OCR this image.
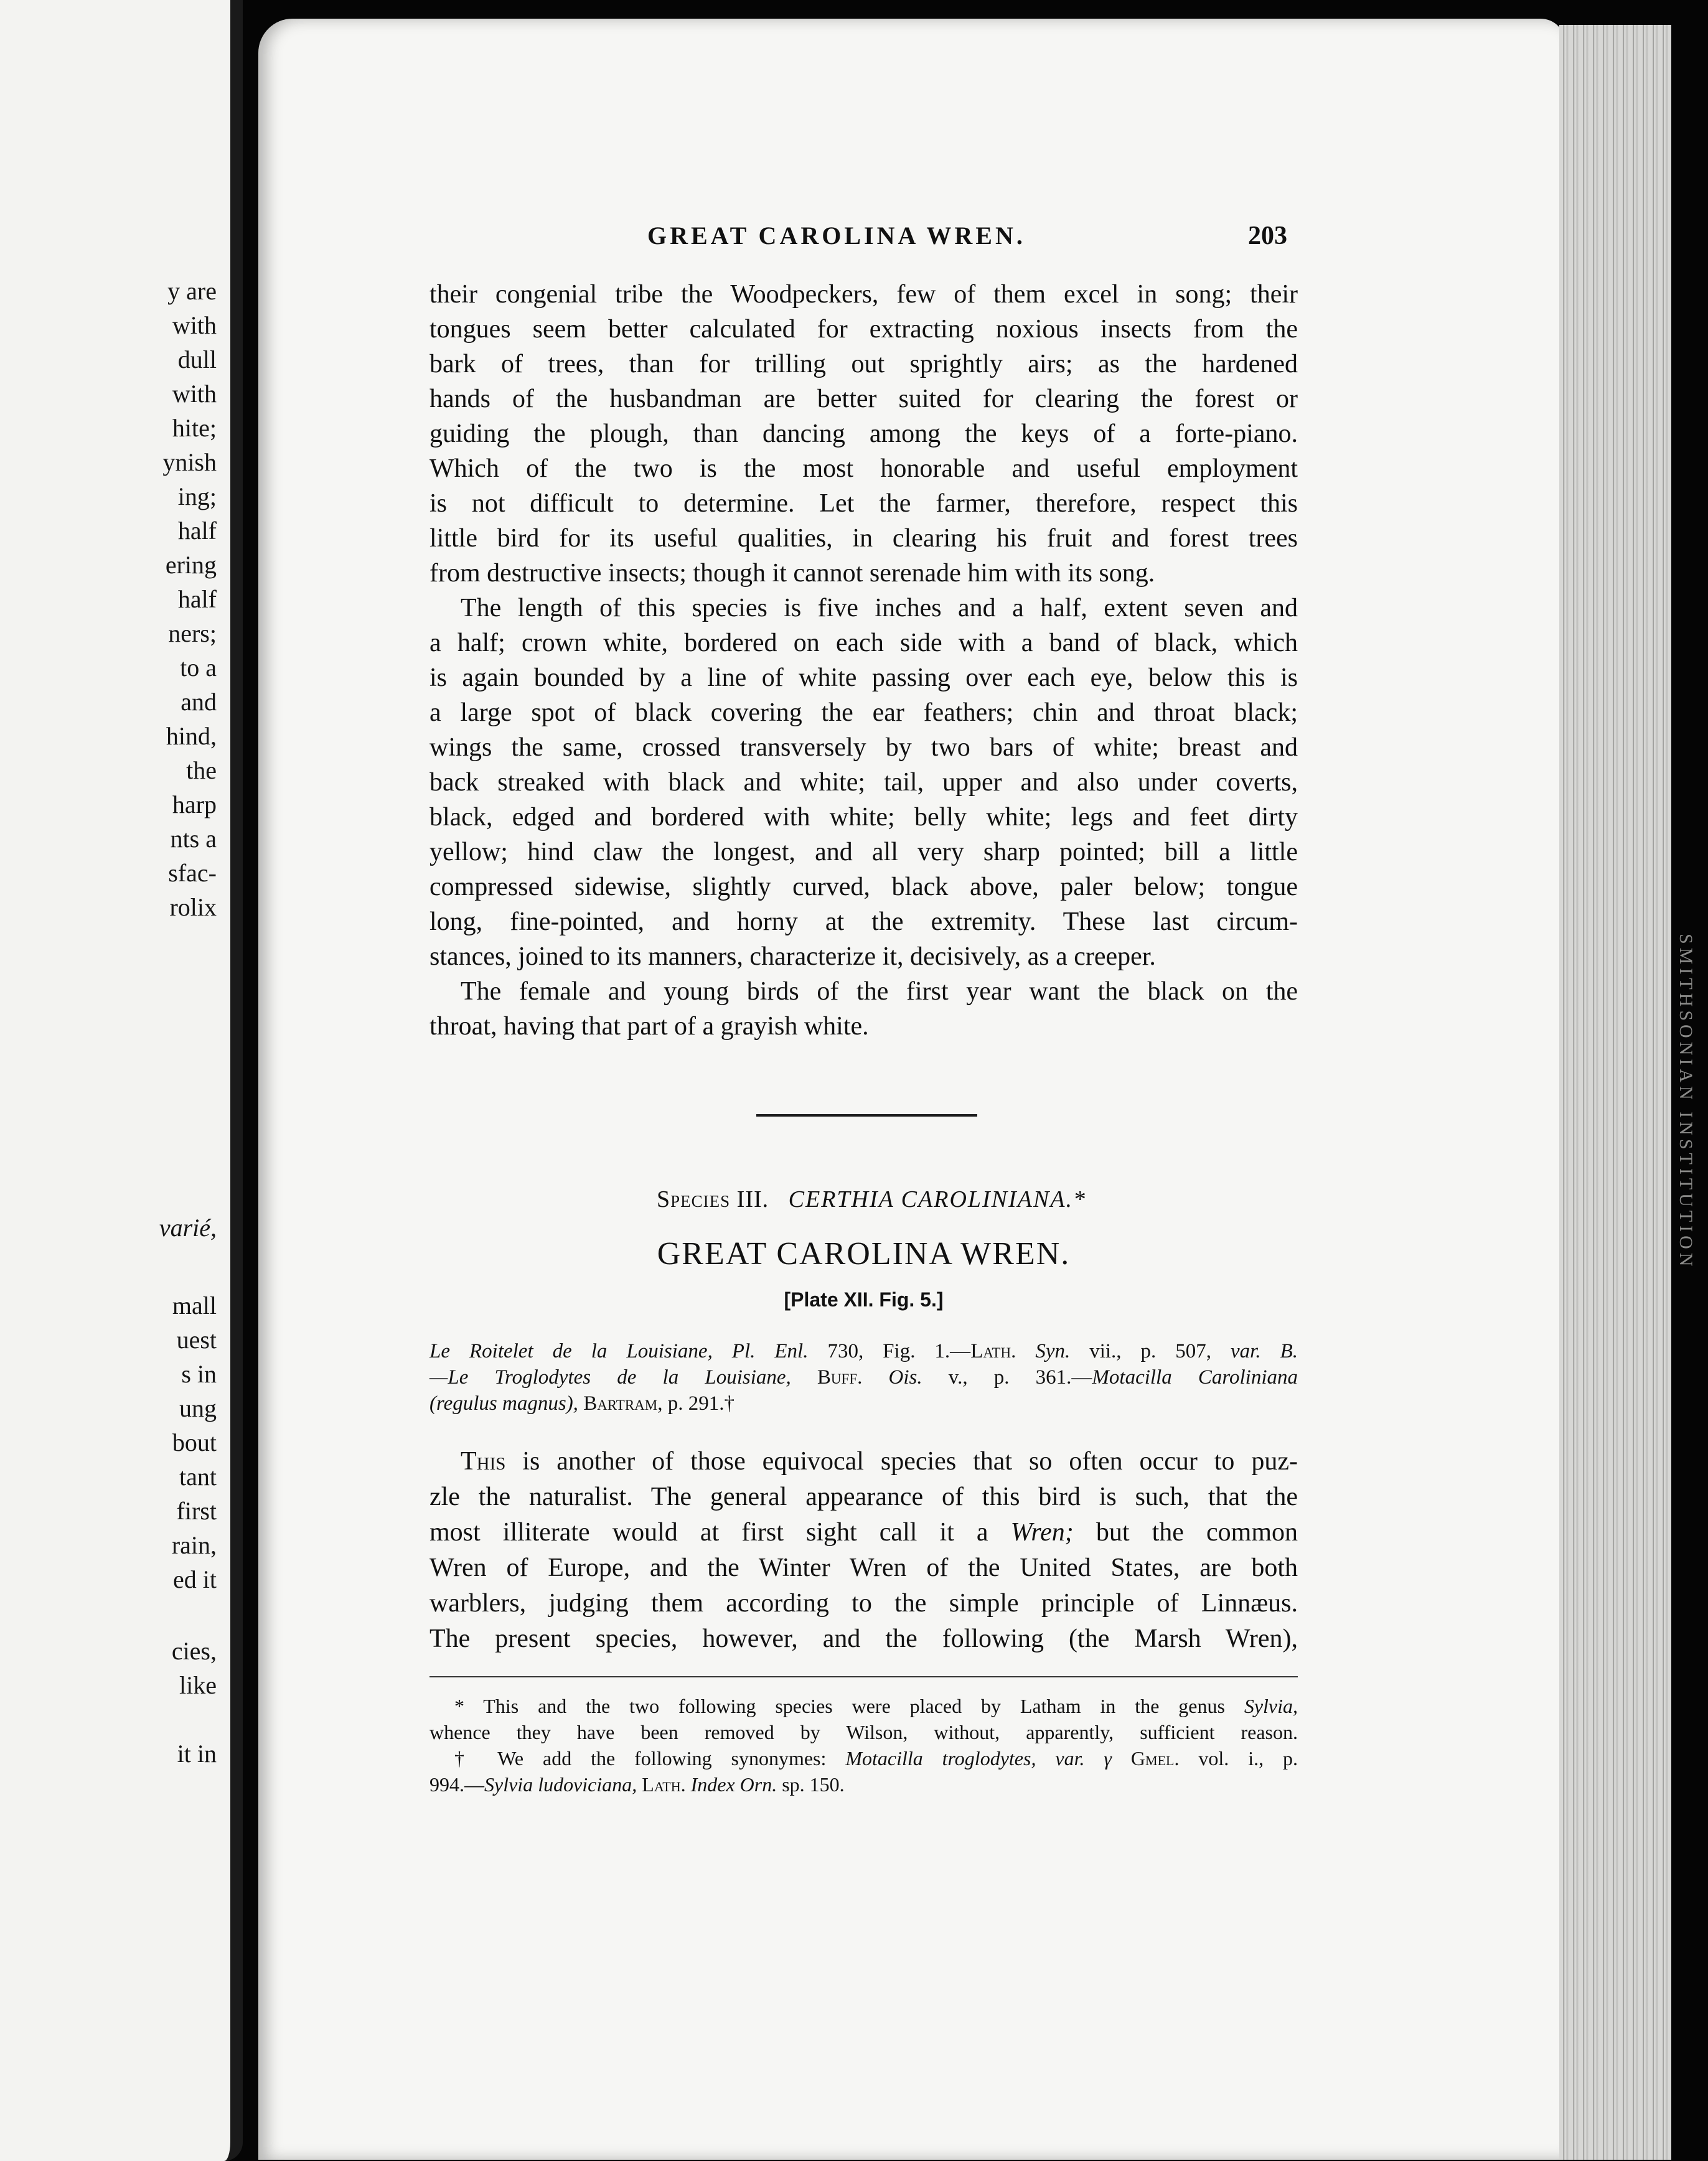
y are
with
dull
with
hite;
ynish
ing;
half
ering
half
ners;
to a
and
hind,
the
harp
nts a
sfac-
rolix
varié,
mall
uest
s in
ung
bout
tant
first
rain,
ed it
cies,
like
it in
SMITHSONIAN INSTITUTION
GREAT CAROLINA WREN.	203
their congenial tribe the Woodpeckers, few of them excel in song; their
tongues seem better calculated for extracting noxious insects from the
bark of trees, than for trilling out sprightly airs; as the hardened
hands of the husbandman are better suited for clearing the forest or
guiding the plough, than dancing among the keys of a forte-piano.
Which of the two is the most honorable and useful employment
is not difficult to determine. Let the farmer, therefore, respect this
little bird for its useful qualities, in clearing his fruit and forest trees
from destructive insects; though it cannot serenade him with its song.
The length of this species is five inches and a half, extent seven and
a half; crown white, bordered on each side with a band of black, which
is again bounded by a line of white passing over each eye, below this is
a large spot of black covering the ear feathers; chin and throat black;
wings the same, crossed transversely by two bars of white; breast and
back streaked with black and white; tail, upper and also under coverts,
black, edged and bordered with white; belly white; legs and feet dirty
yellow; hind claw the longest, and all very sharp pointed; bill a little
compressed sidewise, slightly curved, black above, paler below; tongue
long, fine-pointed, and horny at the extremity. These last circum-
stances, joined to its manners, characterize it, decisively, as a creeper.
The female and young birds of the first year want the black on the
throat, having that part of a grayish white.
Species III. CERTHIA CAROLINIANA.*
GREAT CAROLINA WREN.
[Plate XII. Fig. 5.]
Le Roitelet de la Louisiane, Pl. Enl. 730, Fig. 1.—Lath. Syn. vii., p. 507, var. B.
—Le Troglodytes de la Louisiane, Buff. Ois. v., p. 361.—Motacilla Caroliniana
(regulus magnus), Bartram, p. 291.†
This is another of those equivocal species that so often occur to puz-
zle the naturalist. The general appearance of this bird is such, that the
most illiterate would at first sight call it a Wren; but the common
Wren of Europe, and the Winter Wren of the United States, are both
warblers, judging them according to the simple principle of Linnæus.
The present species, however, and the following (the Marsh Wren),
* This and the two following species were placed by Latham in the genus Sylvia,
whence they have been removed by Wilson, without, apparently, sufficient reason.
† We add the following synonymes: Motacilla troglodytes, var. γ Gmel. vol. i., p.
994.—Sylvia ludoviciana, Lath. Index Orn. sp. 150.
